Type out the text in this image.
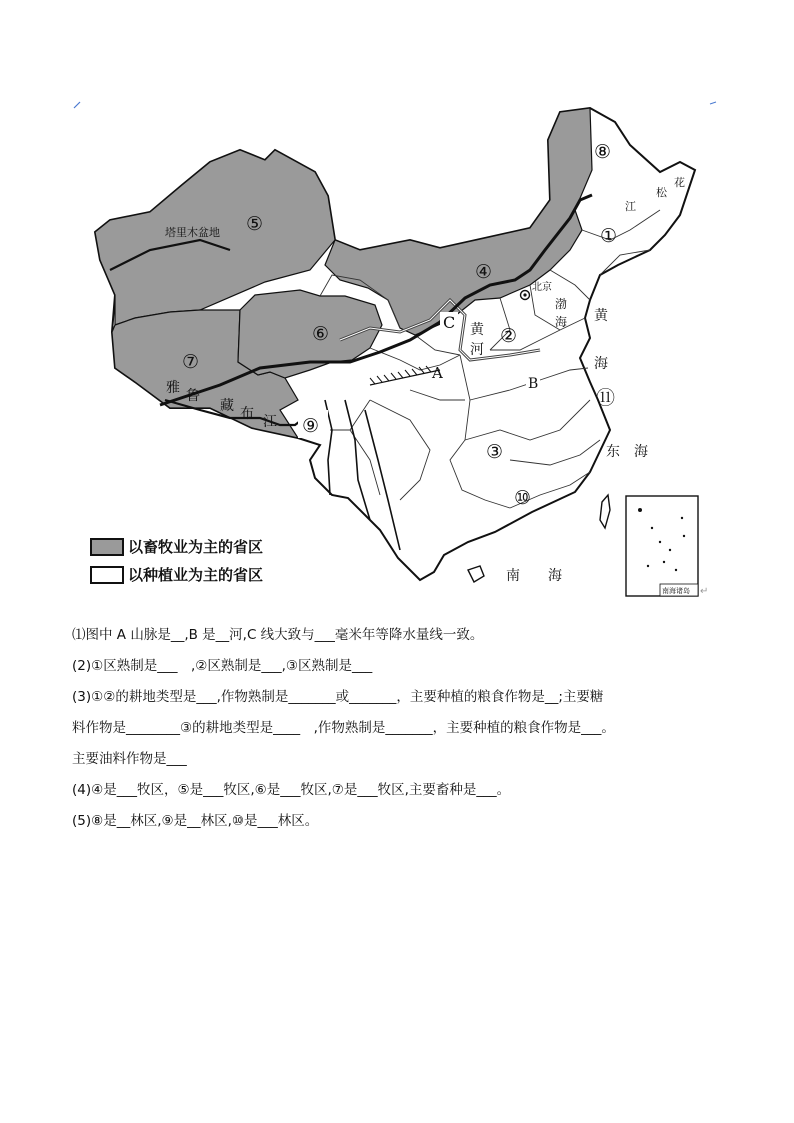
南海诸岛 ↵
⑤
⑥
⑦
④
⑧
①
②
③
⑩
⑪
⑨
C
A
B
塔里木盆地
雅 鲁
藏 布 江
黄
河
渤
海 黄
海
东　海
南　　海
江
松
花
北京
以畜牧业为主的省区
以种植业为主的省区
⑴图中 A 山脉是__,B 是__河,C 线大致与___毫米年等降水量线一致。
(2)①区熟制是___　,②区熟制是___,③区熟制是___
(3)①②的耕地类型是___,作物熟制是_______或_______，主要种植的粮食作物是__;主要糖
料作物是________③的耕地类型是____　,作物熟制是_______，主要种植的粮食作物是___。
主要油料作物是___
(4)④是___牧区，⑤是___牧区,⑥是___牧区,⑦是___牧区,主要畜种是___。
(5)⑧是__林区,⑨是__林区,⑩是___林区。
